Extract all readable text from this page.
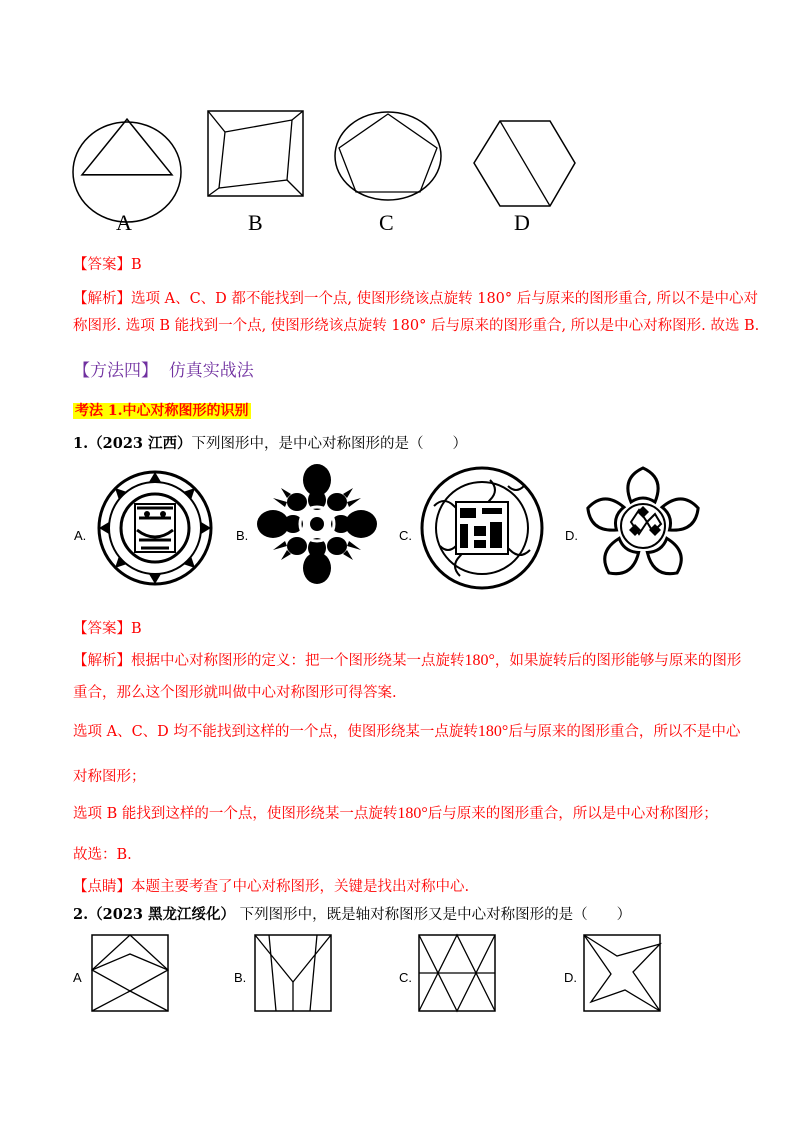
A	B	C	D
【答案】B
【解析】选项 A、C、D 都不能找到一个点, 使图形绕该点旋转 180° 后与原来的图形重合, 所以不是中心对
称图形. 选项 B 能找到一个点, 使图形绕该点旋转 180° 后与原来的图形重合, 所以是中心对称图形. 故选 B.
【方法四】 仿真实战法
考法 1.中心对称图形的识别
1.（2023 江西）下列图形中，是中心对称图形的是（　　）
A.	B.	C.	D.
【答案】B
【解析】根据中心对称图形的定义：把一个图形绕某一点旋转180°，如果旋转后的图形能够与原来的图形
重合，那么这个图形就叫做中心对称图形可得答案.
选项 A、C、D 均不能找到这样的一个点，使图形绕某一点旋转180°后与原来的图形重合，所以不是中心
对称图形；
选项 B 能找到这样的一个点，使图形绕某一点旋转180°后与原来的图形重合，所以是中心对称图形；
故选：B.
【点睛】本题主要考查了中心对称图形，关键是找出对称中心.
2.（2023 黑龙江绥化） 下列图形中，既是轴对称图形又是中心对称图形的是（　　）
A	B.	C.	D.
